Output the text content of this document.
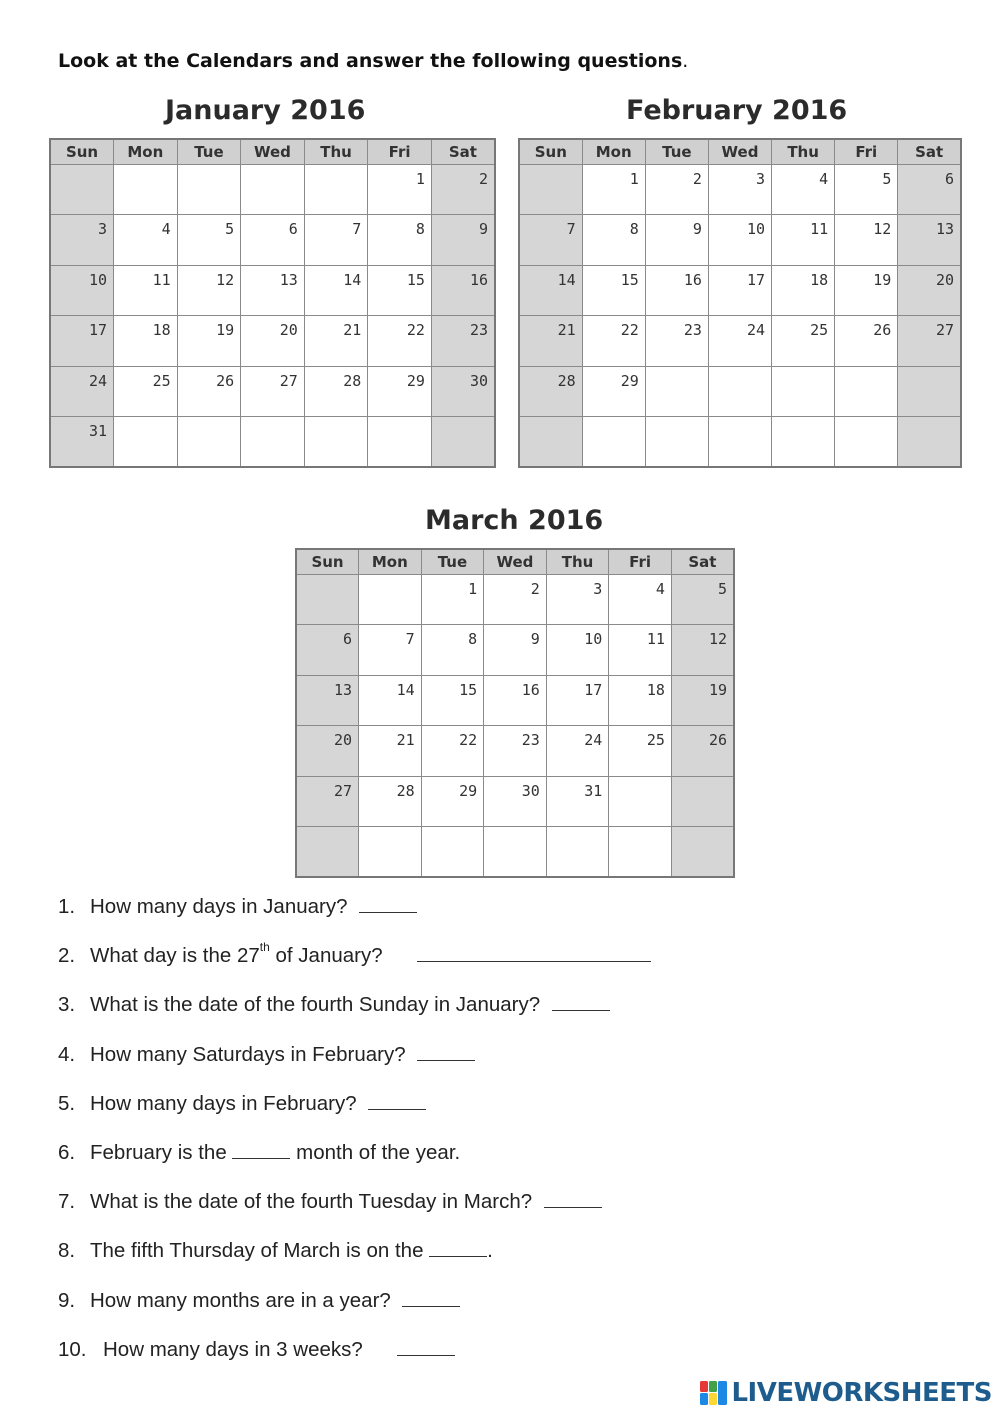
Look at the Calendars and answer the following questions.
January 2016
Sun	Mon	Tue	Wed	Thu	Fri	Sat
					1	2
3	4	5	6	7	8	9
10	11	12	13	14	15	16
17	18	19	20	21	22	23
24	25	26	27	28	29	30
31						
February 2016
Sun	Mon	Tue	Wed	Thu	Fri	Sat
	1	2	3	4	5	6
7	8	9	10	11	12	13
14	15	16	17	18	19	20
21	22	23	24	25	26	27
28	29					

March 2016
Sun	Mon	Tue	Wed	Thu	Fri	Sat
		1	2	3	4	5
6	7	8	9	10	11	12
13	14	15	16	17	18	19
20	21	22	23	24	25	26
27	28	29	30	31		

1. How many days in January?
2. What day is the 27th of January?
3. What is the date of the fourth Sunday in January?
4. How many Saturdays in February?
5. How many days in February?
6. February is the	month of the year.
7. What is the date of the fourth Tuesday in March?
8. The fifth Thursday of March is on the	.
9. How many months are in a year?
10. How many days in 3 weeks?
LIVEWORKSHEETS
